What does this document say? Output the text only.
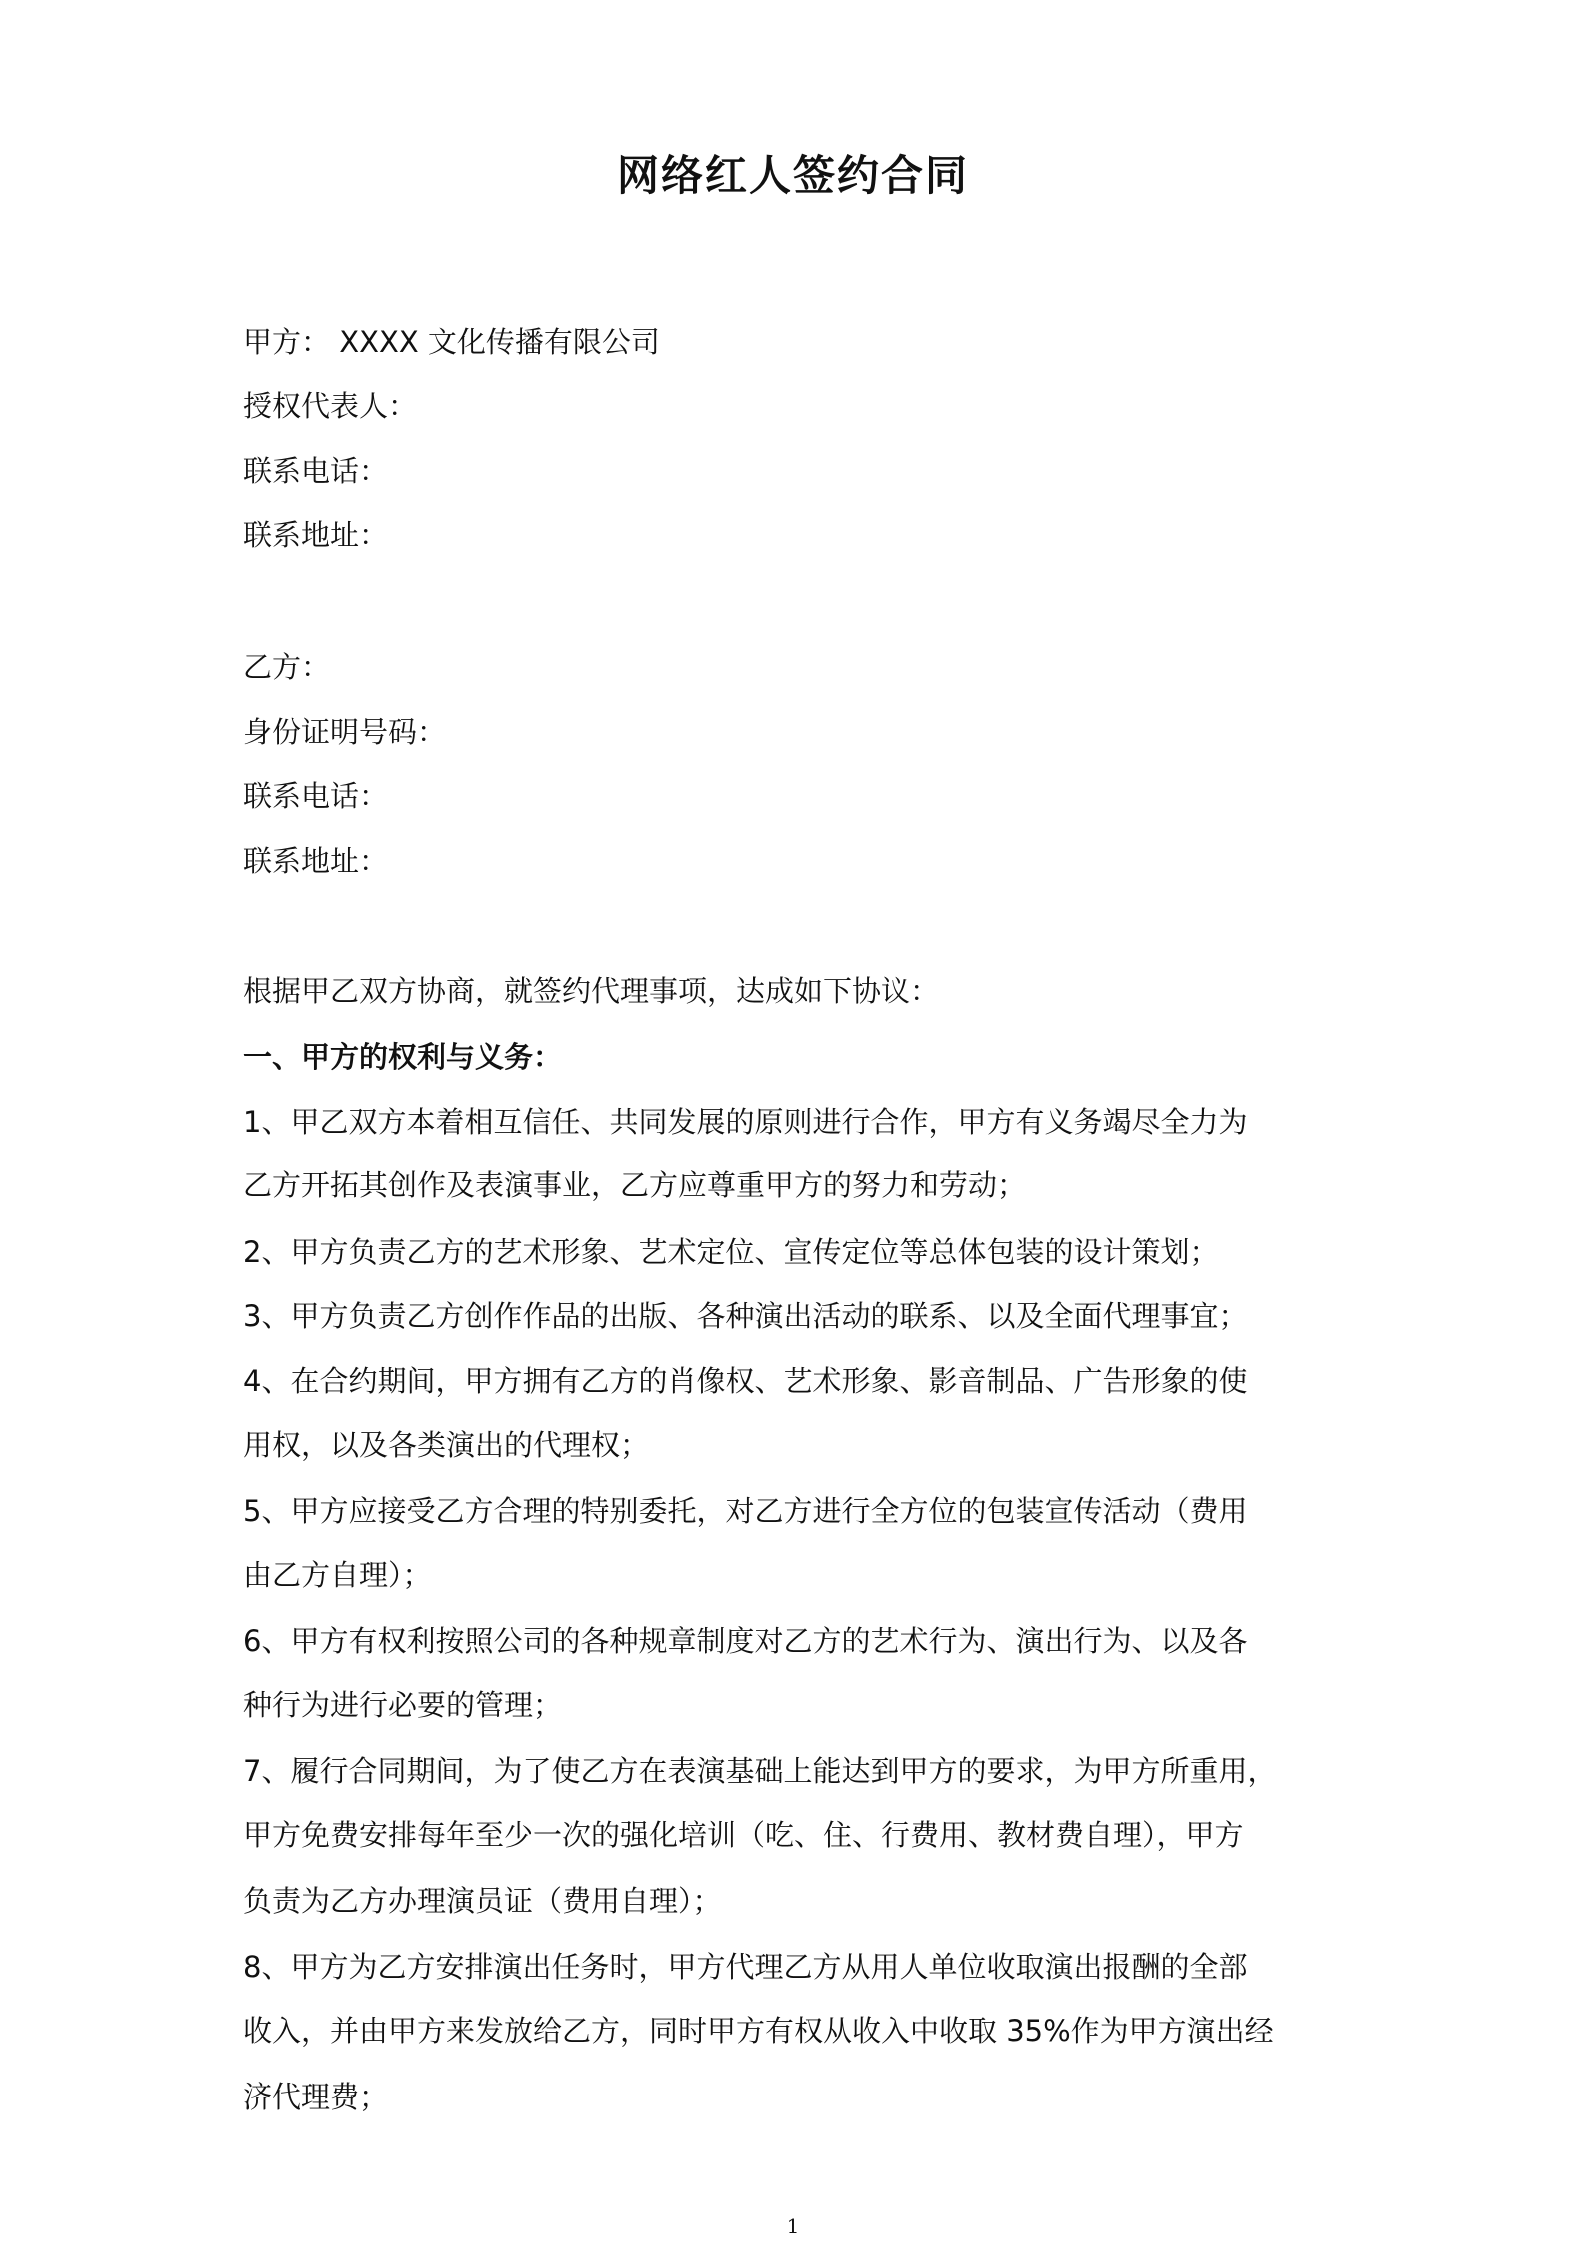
网络红人签约合同
甲方： XXXX 文化传播有限公司
授权代表人：
联系电话：
联系地址：
乙方：
身份证明号码：
联系电话：
联系地址：
根据甲乙双方协商，就签约代理事项，达成如下协议：
一、甲方的权利与义务：
1、甲乙双方本着相互信任、共同发展的原则进行合作，甲方有义务竭尽全力为
乙方开拓其创作及表演事业，乙方应尊重甲方的努力和劳动；
2、甲方负责乙方的艺术形象、艺术定位、宣传定位等总体包装的设计策划；
3、甲方负责乙方创作作品的出版、各种演出活动的联系、以及全面代理事宜；
4、在合约期间，甲方拥有乙方的肖像权、艺术形象、影音制品、广告形象的使
用权，以及各类演出的代理权；
5、甲方应接受乙方合理的特别委托，对乙方进行全方位的包装宣传活动（费用
由乙方自理）；
6、甲方有权利按照公司的各种规章制度对乙方的艺术行为、演出行为、以及各
种行为进行必要的管理；
7、履行合同期间，为了使乙方在表演基础上能达到甲方的要求，为甲方所重用，
甲方免费安排每年至少一次的强化培训（吃、住、行费用、教材费自理），甲方
负责为乙方办理演员证（费用自理）；
8、甲方为乙方安排演出任务时，甲方代理乙方从用人单位收取演出报酬的全部
收入，并由甲方来发放给乙方，同时甲方有权从收入中收取 35%作为甲方演出经
济代理费；
1
